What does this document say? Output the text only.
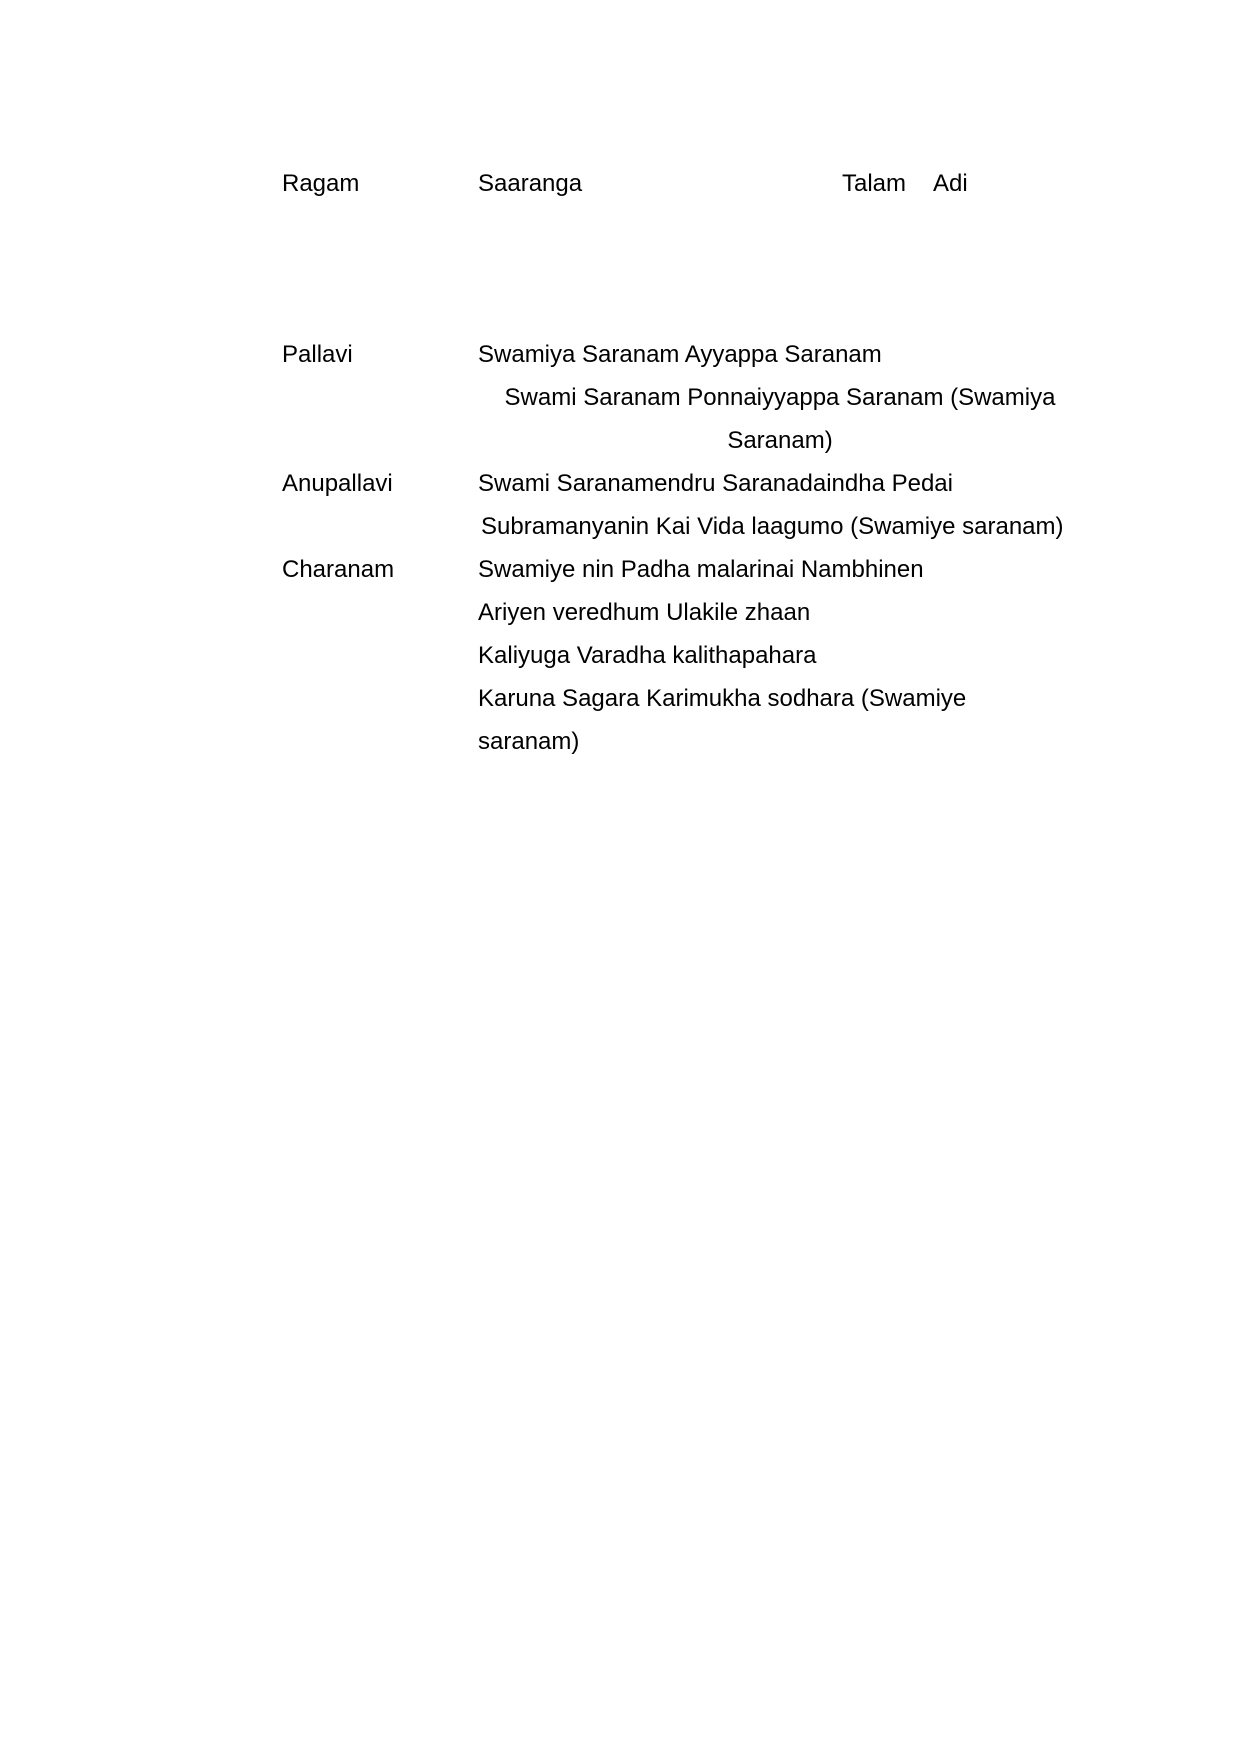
Ragam	Saaranga	Talam Adi
Pallavi	Swamiya Saranam Ayyappa Saranam
Swami Saranam Ponnaiyyappa Saranam (Swamiya
Saranam)
Anupallavi	Swami Saranamendru Saranadaindha Pedai
Subramanyanin Kai Vida laagumo (Swamiye saranam)
Charanam	Swamiye nin Padha malarinai Nambhinen
Ariyen veredhum Ulakile zhaan
Kaliyuga Varadha kalithapahara
Karuna Sagara Karimukha sodhara (Swamiye
saranam)
